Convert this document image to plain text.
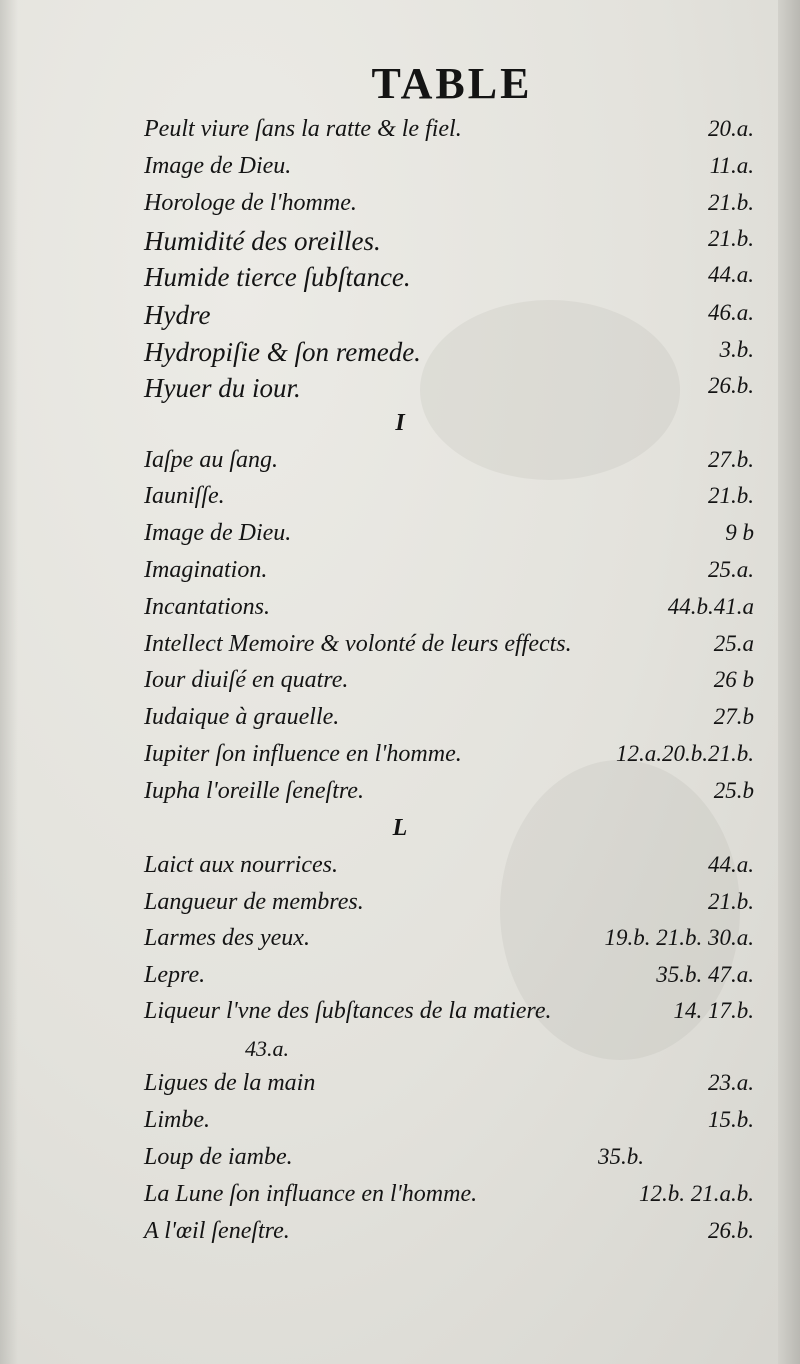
TABLE
Peult viure ſans la ratte & le fiel.	20.a.
Image de Dieu.	11.a.
Horologe de l'homme.	21.b.
Humidité des oreilles.	21.b.
Humide tierce ſubſtance.	44.a.
Hydre	46.a.
Hydropiſie & ſon remede.	3.b.
Hyuer du iour.	26.b.
I
Iaſpe au ſang.	27.b.
Iauniſſe.	21.b.
Image de Dieu.	9 b
Imagination.	25.a.
Incantations.	44.b.41.a
Intellect Memoire & volonté de leurs effects.	25.a
Iour diuiſé en quatre.	26 b
Iudaique à grauelle.	27.b
Iupiter ſon influence en l'homme.	12.a.20.b.21.b.
Iupha l'oreille ſeneſtre.	25.b
L
Laict aux nourrices.	44.a.
Langueur de membres.	21.b.
Larmes des yeux.	19.b. 21.b. 30.a.
Lepre.	35.b. 47.a.
Liqueur l'vne des ſubſtances de la matiere.	14. 17.b.
43.a.
Ligues de la main	23.a.
Limbe.	15.b.
Loup de iambe.	35.b.
La Lune ſon influance en l'homme.	12.b. 21.a.b.
A l'œil ſeneſtre.	26.b.
